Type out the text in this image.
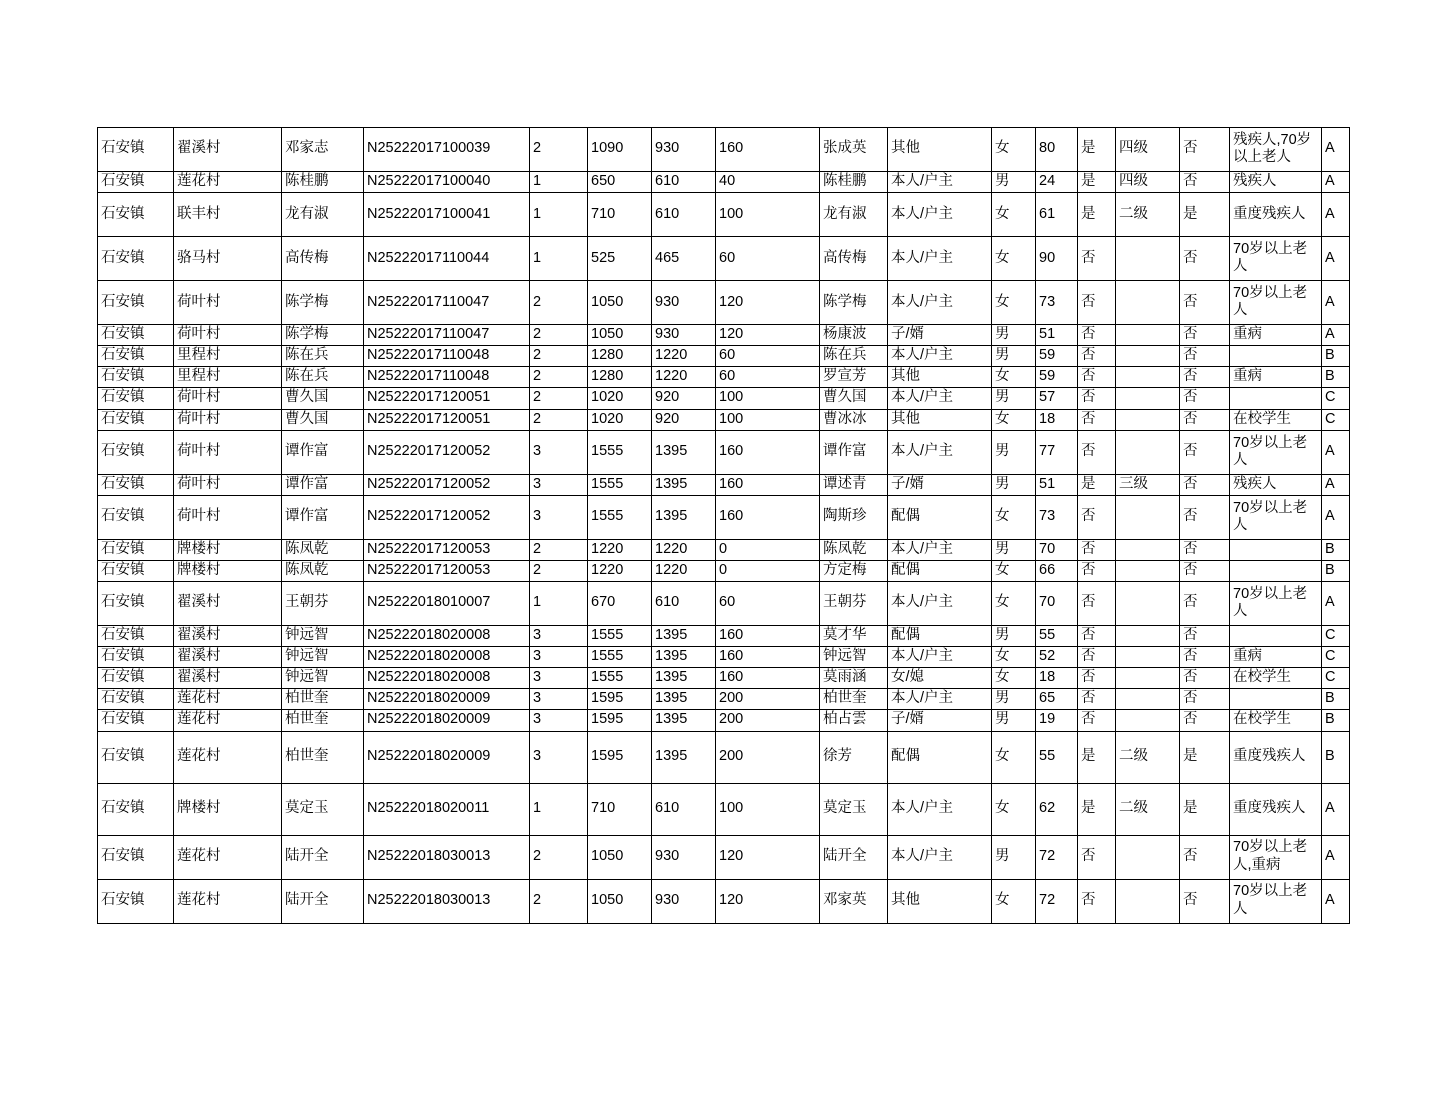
石安镇	翟溪村	邓家志	N25222017100039	2	1090	930	160	张成英	其他	女	80	是	四级	否	残疾人,70岁以上老人	A
石安镇	莲花村	陈桂鹏	N25222017100040	1	650	610	40	陈桂鹏	本人/户主	男	24	是	四级	否	残疾人	A
石安镇	联丰村	龙有淑	N25222017100041	1	710	610	100	龙有淑	本人/户主	女	61	是	二级	是	重度残疾人	A
石安镇	骆马村	高传梅	N25222017110044	1	525	465	60	高传梅	本人/户主	女	90	否		否	70岁以上老人	A
石安镇	荷叶村	陈学梅	N25222017110047	2	1050	930	120	陈学梅	本人/户主	女	73	否		否	70岁以上老人	A
石安镇	荷叶村	陈学梅	N25222017110047	2	1050	930	120	杨康波	子/婿	男	51	否		否	重病	A
石安镇	里程村	陈在兵	N25222017110048	2	1280	1220	60	陈在兵	本人/户主	男	59	否		否		B
石安镇	里程村	陈在兵	N25222017110048	2	1280	1220	60	罗宣芳	其他	女	59	否		否	重病	B
石安镇	荷叶村	曹久国	N25222017120051	2	1020	920	100	曹久国	本人/户主	男	57	否		否		C
石安镇	荷叶村	曹久国	N25222017120051	2	1020	920	100	曹冰冰	其他	女	18	否		否	在校学生	C
石安镇	荷叶村	谭作富	N25222017120052	3	1555	1395	160	谭作富	本人/户主	男	77	否		否	70岁以上老人	A
石安镇	荷叶村	谭作富	N25222017120052	3	1555	1395	160	谭述青	子/婿	男	51	是	三级	否	残疾人	A
石安镇	荷叶村	谭作富	N25222017120052	3	1555	1395	160	陶斯珍	配偶	女	73	否		否	70岁以上老人	A
石安镇	牌楼村	陈凤乾	N25222017120053	2	1220	1220	0	陈凤乾	本人/户主	男	70	否		否		B
石安镇	牌楼村	陈凤乾	N25222017120053	2	1220	1220	0	方定梅	配偶	女	66	否		否		B
石安镇	翟溪村	王朝芬	N25222018010007	1	670	610	60	王朝芬	本人/户主	女	70	否		否	70岁以上老人	A
石安镇	翟溪村	钟远智	N25222018020008	3	1555	1395	160	莫才华	配偶	男	55	否		否		C
石安镇	翟溪村	钟远智	N25222018020008	3	1555	1395	160	钟远智	本人/户主	女	52	否		否	重病	C
石安镇	翟溪村	钟远智	N25222018020008	3	1555	1395	160	莫雨涵	女/媳	女	18	否		否	在校学生	C
石安镇	莲花村	柏世奎	N25222018020009	3	1595	1395	200	柏世奎	本人/户主	男	65	否		否		B
石安镇	莲花村	柏世奎	N25222018020009	3	1595	1395	200	柏占雲	子/婿	男	19	否		否	在校学生	B
石安镇	莲花村	柏世奎	N25222018020009	3	1595	1395	200	徐芳	配偶	女	55	是	二级	是	重度残疾人	B
石安镇	牌楼村	莫定玉	N25222018020011	1	710	610	100	莫定玉	本人/户主	女	62	是	二级	是	重度残疾人	A
石安镇	莲花村	陆开全	N25222018030013	2	1050	930	120	陆开全	本人/户主	男	72	否		否	70岁以上老人,重病	A
石安镇	莲花村	陆开全	N25222018030013	2	1050	930	120	邓家英	其他	女	72	否		否	70岁以上老人	A
